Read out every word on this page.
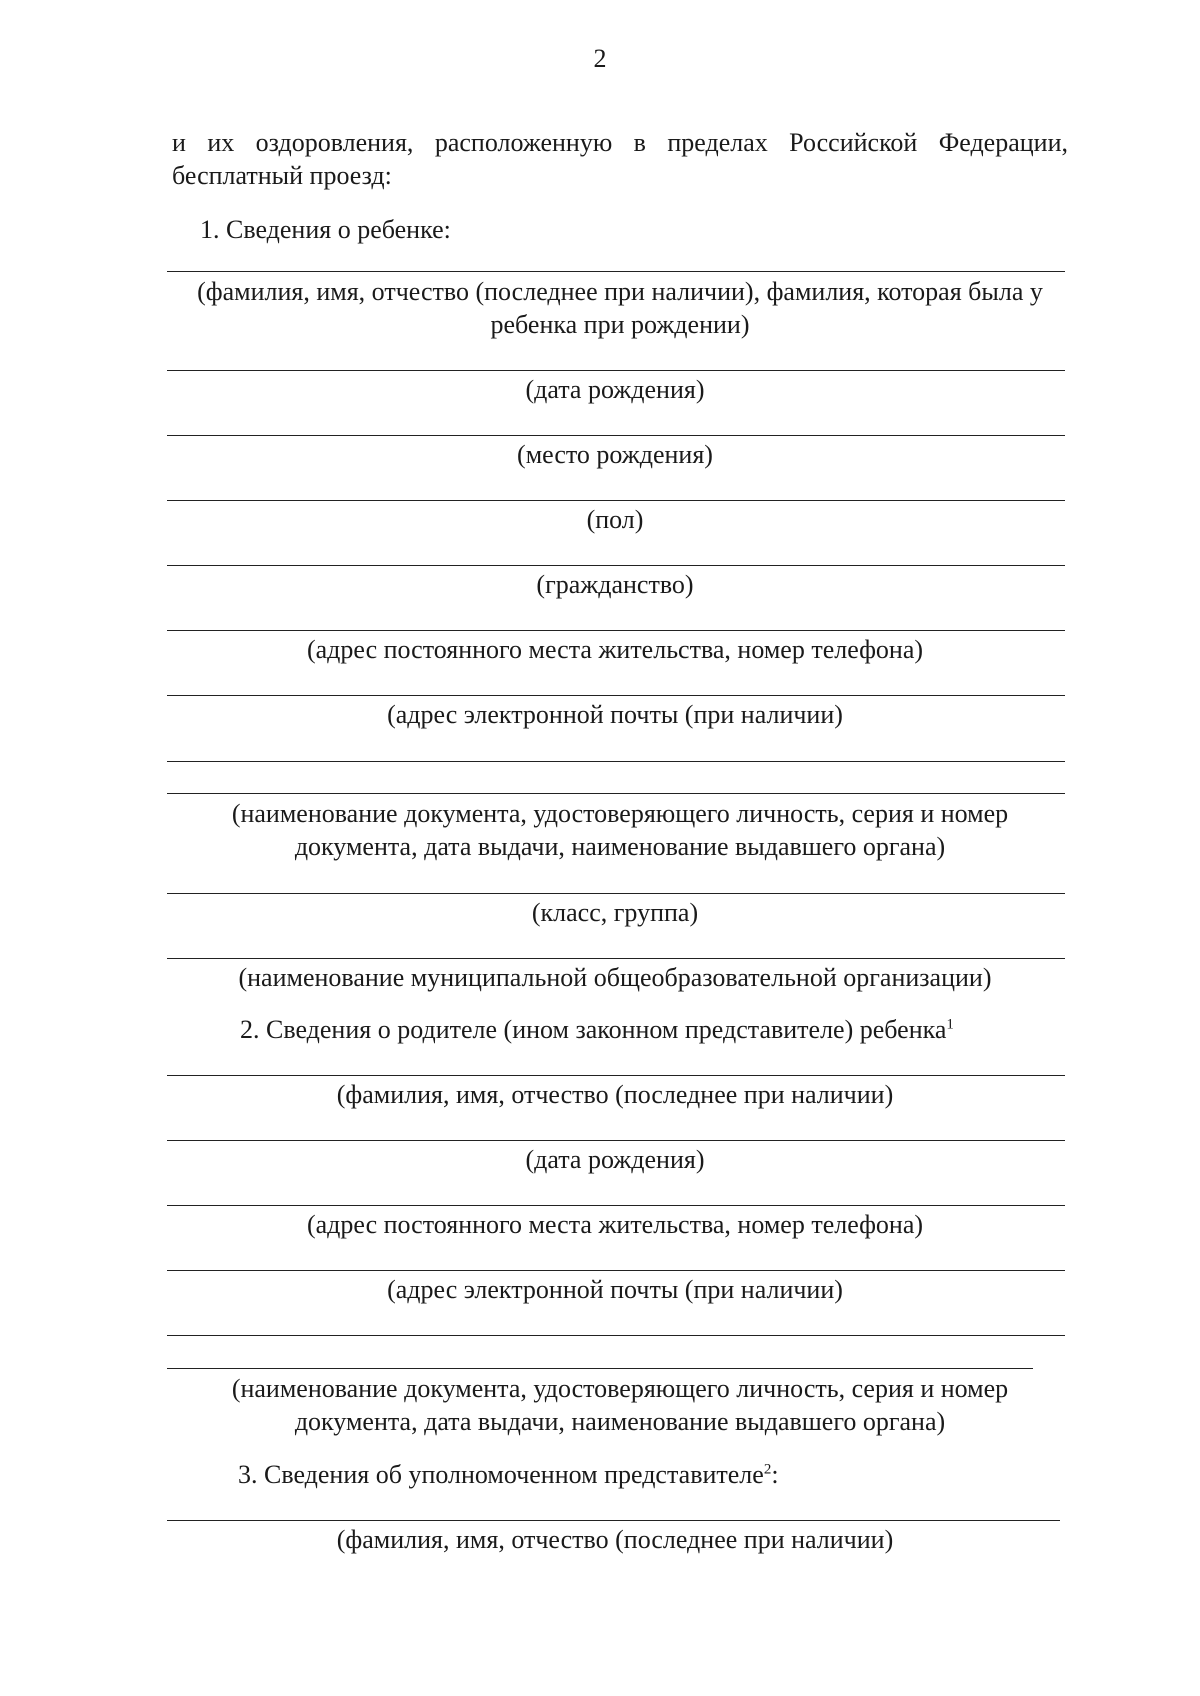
2
и их оздоровления, расположенную в пределах Российской Федерации,
бесплатный проезд:
1. Сведения о ребенке:
(фамилия, имя, отчество (последнее при наличии), фамилия, которая была у ребенка при рождении)
(дата рождения)
(место рождения)
(пол)
(гражданство)
(адрес постоянного места жительства, номер телефона)
(адрес электронной почты (при наличии)
(наименование документа, удостоверяющего личность, серия и номер документа, дата выдачи, наименование выдавшего органа)
(класс, группа)
(наименование муниципальной общеобразовательной организации)
2. Сведения о родителе (ином законном представителе) ребенка$^1$
(фамилия, имя, отчество (последнее при наличии)
(дата рождения)
(адрес постоянного места жительства, номер телефона)
(адрес электронной почты (при наличии)
(наименование документа, удостоверяющего личность, серия и номер документа, дата выдачи, наименование выдавшего органа)
3. Сведения об уполномоченном представителе$^2$:
(фамилия, имя, отчество (последнее при наличии)
